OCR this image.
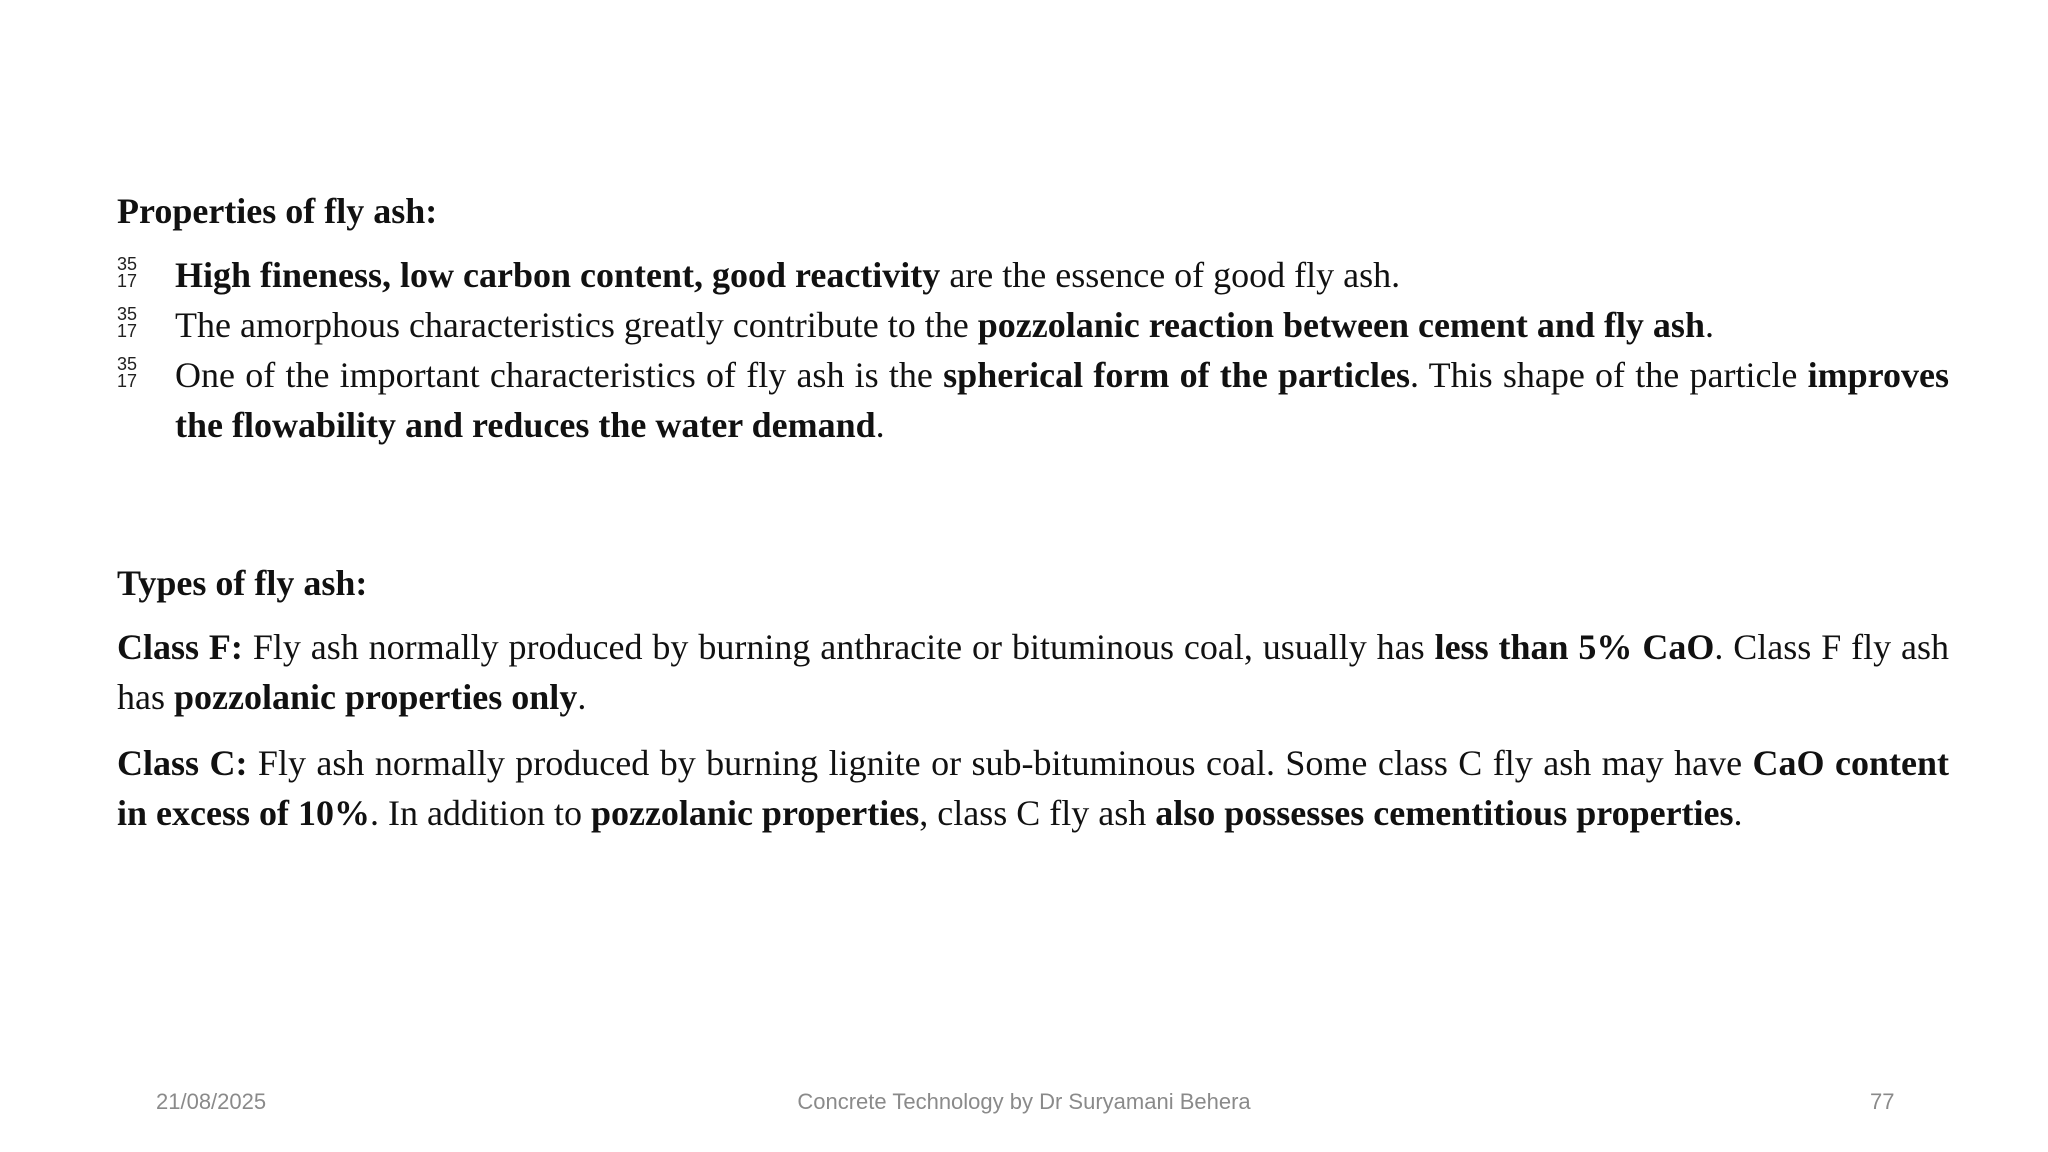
Properties of fly ash:

35
17 High fineness, low carbon content, good reactivity are the essence of good fly ash.
35
17 The amorphous characteristics greatly contribute to the pozzolanic reaction between cement and fly ash.
35
17 One of the important characteristics of fly ash is the spherical form of the particles. This shape of the particle improves the flowability and reduces the water demand.

Types of fly ash:

Class F: Fly ash normally produced by burning anthracite or bituminous coal, usually has less than 5% CaO. Class F fly ash has pozzolanic properties only.

Class C: Fly ash normally produced by burning lignite or sub-bituminous coal. Some class C fly ash may have CaO content in excess of 10%. In addition to pozzolanic properties, class C fly ash also possesses cementitious properties.

21/08/2025	Concrete Technology by Dr Suryamani Behera	77
